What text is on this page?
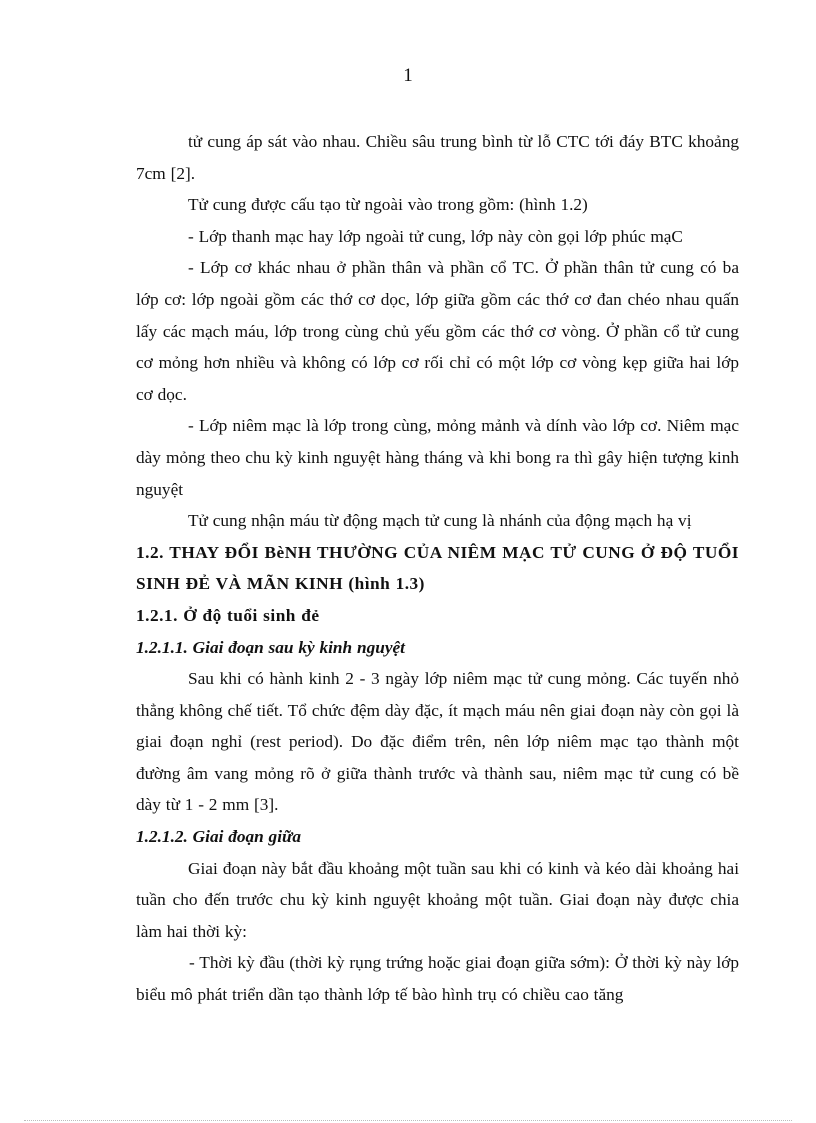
1

tử cung áp sát vào nhau. Chiều sâu trung bình từ lỗ CTC tới đáy BTC khoảng 7cm [2].

Tử cung được cấu tạo từ ngoài vào trong gồm: (hình 1.2)

- Lớp thanh mạc hay lớp ngoài tử cung, lớp này còn gọi lớp phúc mạC

- Lớp cơ khác nhau ở phần thân và phần cổ TC. Ở phần thân tử cung có ba lớp cơ: lớp ngoài gồm các thớ cơ dọc, lớp giữa gồm các thớ cơ đan chéo nhau quấn lấy các mạch máu, lớp trong cùng chủ yếu gồm các thớ cơ vòng. Ở phần cổ tử cung cơ mỏng hơn nhiều và không có lớp cơ rối chỉ có một lớp cơ vòng kẹp giữa hai lớp cơ dọc.

- Lớp niêm mạc là lớp trong cùng, mỏng mảnh và dính vào lớp cơ. Niêm mạc dày mỏng theo chu kỳ kinh nguyệt hàng tháng và khi bong ra thì gây hiện tượng kinh nguyệt

Tử cung nhận máu từ động mạch tử cung là nhánh của động mạch hạ vị

1.2. THAY ĐỔI BèNH THƯỜNG CỦA NIÊM MẠC TỬ CUNG Ở ĐỘ TUỔI SINH ĐẺ VÀ MÃN KINH (hình 1.3)

1.2.1. Ở độ tuổi sinh đẻ

1.2.1.1. Giai đoạn sau kỳ kinh nguyệt

Sau khi có hành kinh 2 - 3 ngày lớp niêm mạc tử cung mỏng. Các tuyến nhỏ thẳng không chế tiết. Tổ chức đệm dày đặc, ít mạch máu nên giai đoạn này còn gọi là giai đoạn nghỉ (rest period). Do đặc điểm trên, nên lớp niêm mạc tạo thành một đường âm vang mỏng rõ ở giữa thành trước và thành sau, niêm mạc tử cung có bề dày từ 1 - 2 mm [3].

1.2.1.2. Giai đoạn giữa

Giai đoạn này bắt đầu khoảng một tuần sau khi có kinh và kéo dài khoảng hai tuần cho đến trước chu kỳ kinh nguyệt khoảng một tuần. Giai đoạn này được chia làm hai thời kỳ:

- Thời kỳ đầu (thời kỳ rụng trứng hoặc giai đoạn giữa sớm): Ở thời kỳ này lớp biểu mô phát triển dần tạo thành lớp tế bào hình trụ có chiều cao tăng
